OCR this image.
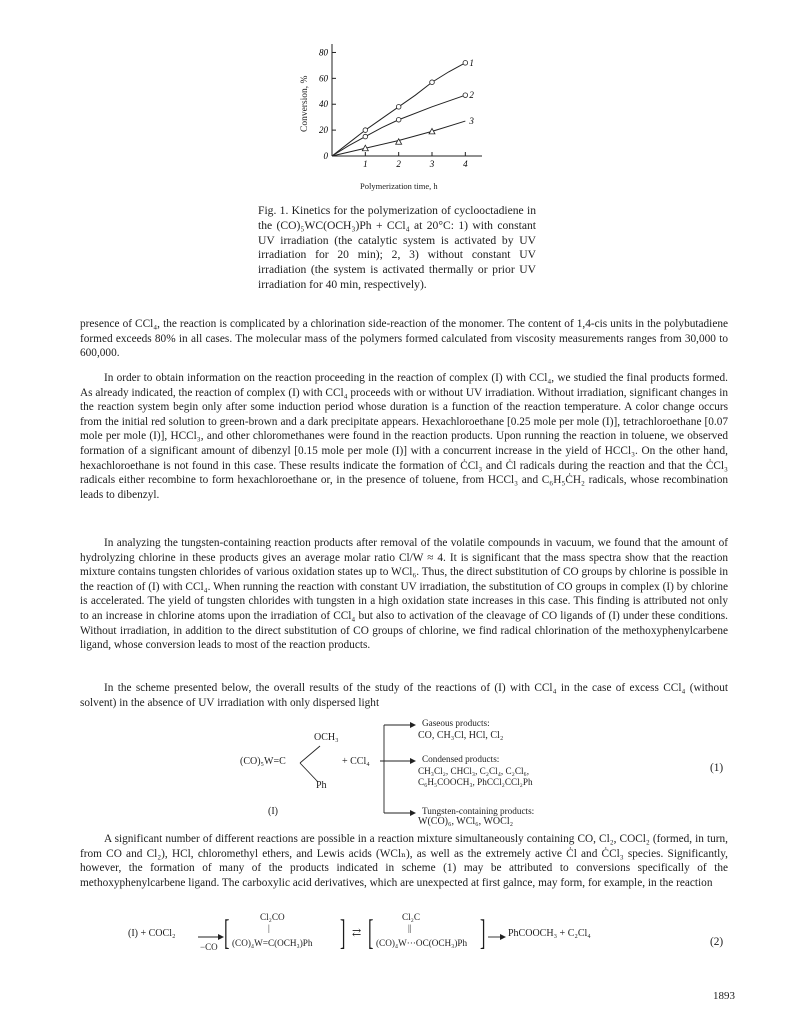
0
20
40
60
80
1	2	3	4
1
2
3
Conversion, %
Polymerization time, h
Fig. 1. Kinetics for the polymerization of cyclooctadiene in the (CO)₅WC(OCH₃)Ph + CCl₄ at 20°C: 1) with constant UV irradiation (the catalytic system is activated by UV irradiation for 20 min); 2, 3) without constant UV irradiation (the system is activated thermally or prior UV irradiation for 40 min, respectively).

presence of CCl₄, the reaction is complicated by a chlorination side-reaction of the monomer. The content of 1,4-cis units in the polybutadiene formed exceeds 80% in all cases. The molecular mass of the polymers formed calculated from viscosity measurements ranges from 30,000 to 600,000.

In order to obtain information on the reaction proceeding in the reaction of complex (I) with CCl₄, we studied the final products formed. As already indicated, the reaction of complex (I) with CCl₄ proceeds with or without UV irradiation. Without irradiation, significant changes in the reaction system begin only after some induction period whose duration is a function of the reaction temperature. A color change occurs from the initial red solution to green-brown and a dark precipitate appears. Hexachloroethane [0.25 mole per mole (I)], tetrachloroethane [0.07 mole per mole (I)], HCCl₃, and other chloromethanes were found in the reaction products. Upon running the reaction in toluene, we observed formation of a significant amount of dibenzyl [0.15 mole per mole (I)] with a concurrent increase in the yield of HCCl₃. On the other hand, hexachloroethane is not found in this case. These results indicate the formation of ĊCl₃ and Ċl radicals during the reaction and that the ĊCl₃ radicals either recombine to form hexachloroethane or, in the presence of toluene, from HCCl₃ and C₆H₅ĊH₂ radicals, whose recombination leads to dibenzyl.

In analyzing the tungsten-containing reaction products after removal of the volatile compounds in vacuum, we found that the amount of hydrolyzing chlorine in these products gives an average molar ratio Cl/W ≈ 4. It is significant that the mass spectra show that the reaction mixture contains tungsten chlorides of various oxidation states up to WCl₆. Thus, the direct substitution of CO groups by chlorine is possible in the reaction of (I) with CCl₄. When running the reaction with constant UV irradiation, the substitution of CO groups in complex (I) by chlorine is accelerated. The yield of tungsten chlorides with tungsten in a high oxidation state increases in this case. This finding is attributed not only to an increase in chlorine atoms upon the irradiation of CCl₄ but also to activation of the cleavage of CO ligands of (I) under these conditions. Without irradiation, in addition to the direct substitution of CO groups of chlorine, we find radical chlorination of the methoxyphenylcarbene ligand, whose conversion leads to most of the reaction products.

In the scheme presented below, the overall results of the study of the reactions of (I) with CCl₄ in the case of excess CCl₄ (without solvent) in the absence of UV irradiation with only dispersed light

OCH₃
(CO)₅W=C
Ph
(I)
+ CCl₄
Gaseous products:
CO, CH₃Cl, HCl, Cl₂
Condensed products:
CH₃Cl₂, CHCl₃, C₂Cl₄, C₂Cl₆,
C₆H₅COOCH₃, PhCCl₂CCl₂Ph
Tungsten-containing products:
W(CO)₆, WCl₆, WOCl₂
(1)

A significant number of different reactions are possible in a reaction mixture simultaneously containing CO, Cl₂, COCl₂ (formed, in turn, from CO and Cl₂), HCl, chloromethyl ethers, and Lewis acids (WClₙ), as well as the extremely active Ċl and ĊCl₃ species. Significantly, however, the formation of many of the products indicated in scheme (1) may be attributed to conversions specifically of the methoxyphenylcarbene ligand. The carboxylic acid derivatives, which are unexpected at first galnce, may form, for example, in the reaction

(I) + COCl₂
−CO [	Cl₂CO
|
(CO)₄W=C(OCH₃)Ph ] ⇄ [	Cl₂C
||
(CO)₄W···OC(OCH₃)Ph ] PhCOOCH₃ + C₂Cl₄
(2)
1893
